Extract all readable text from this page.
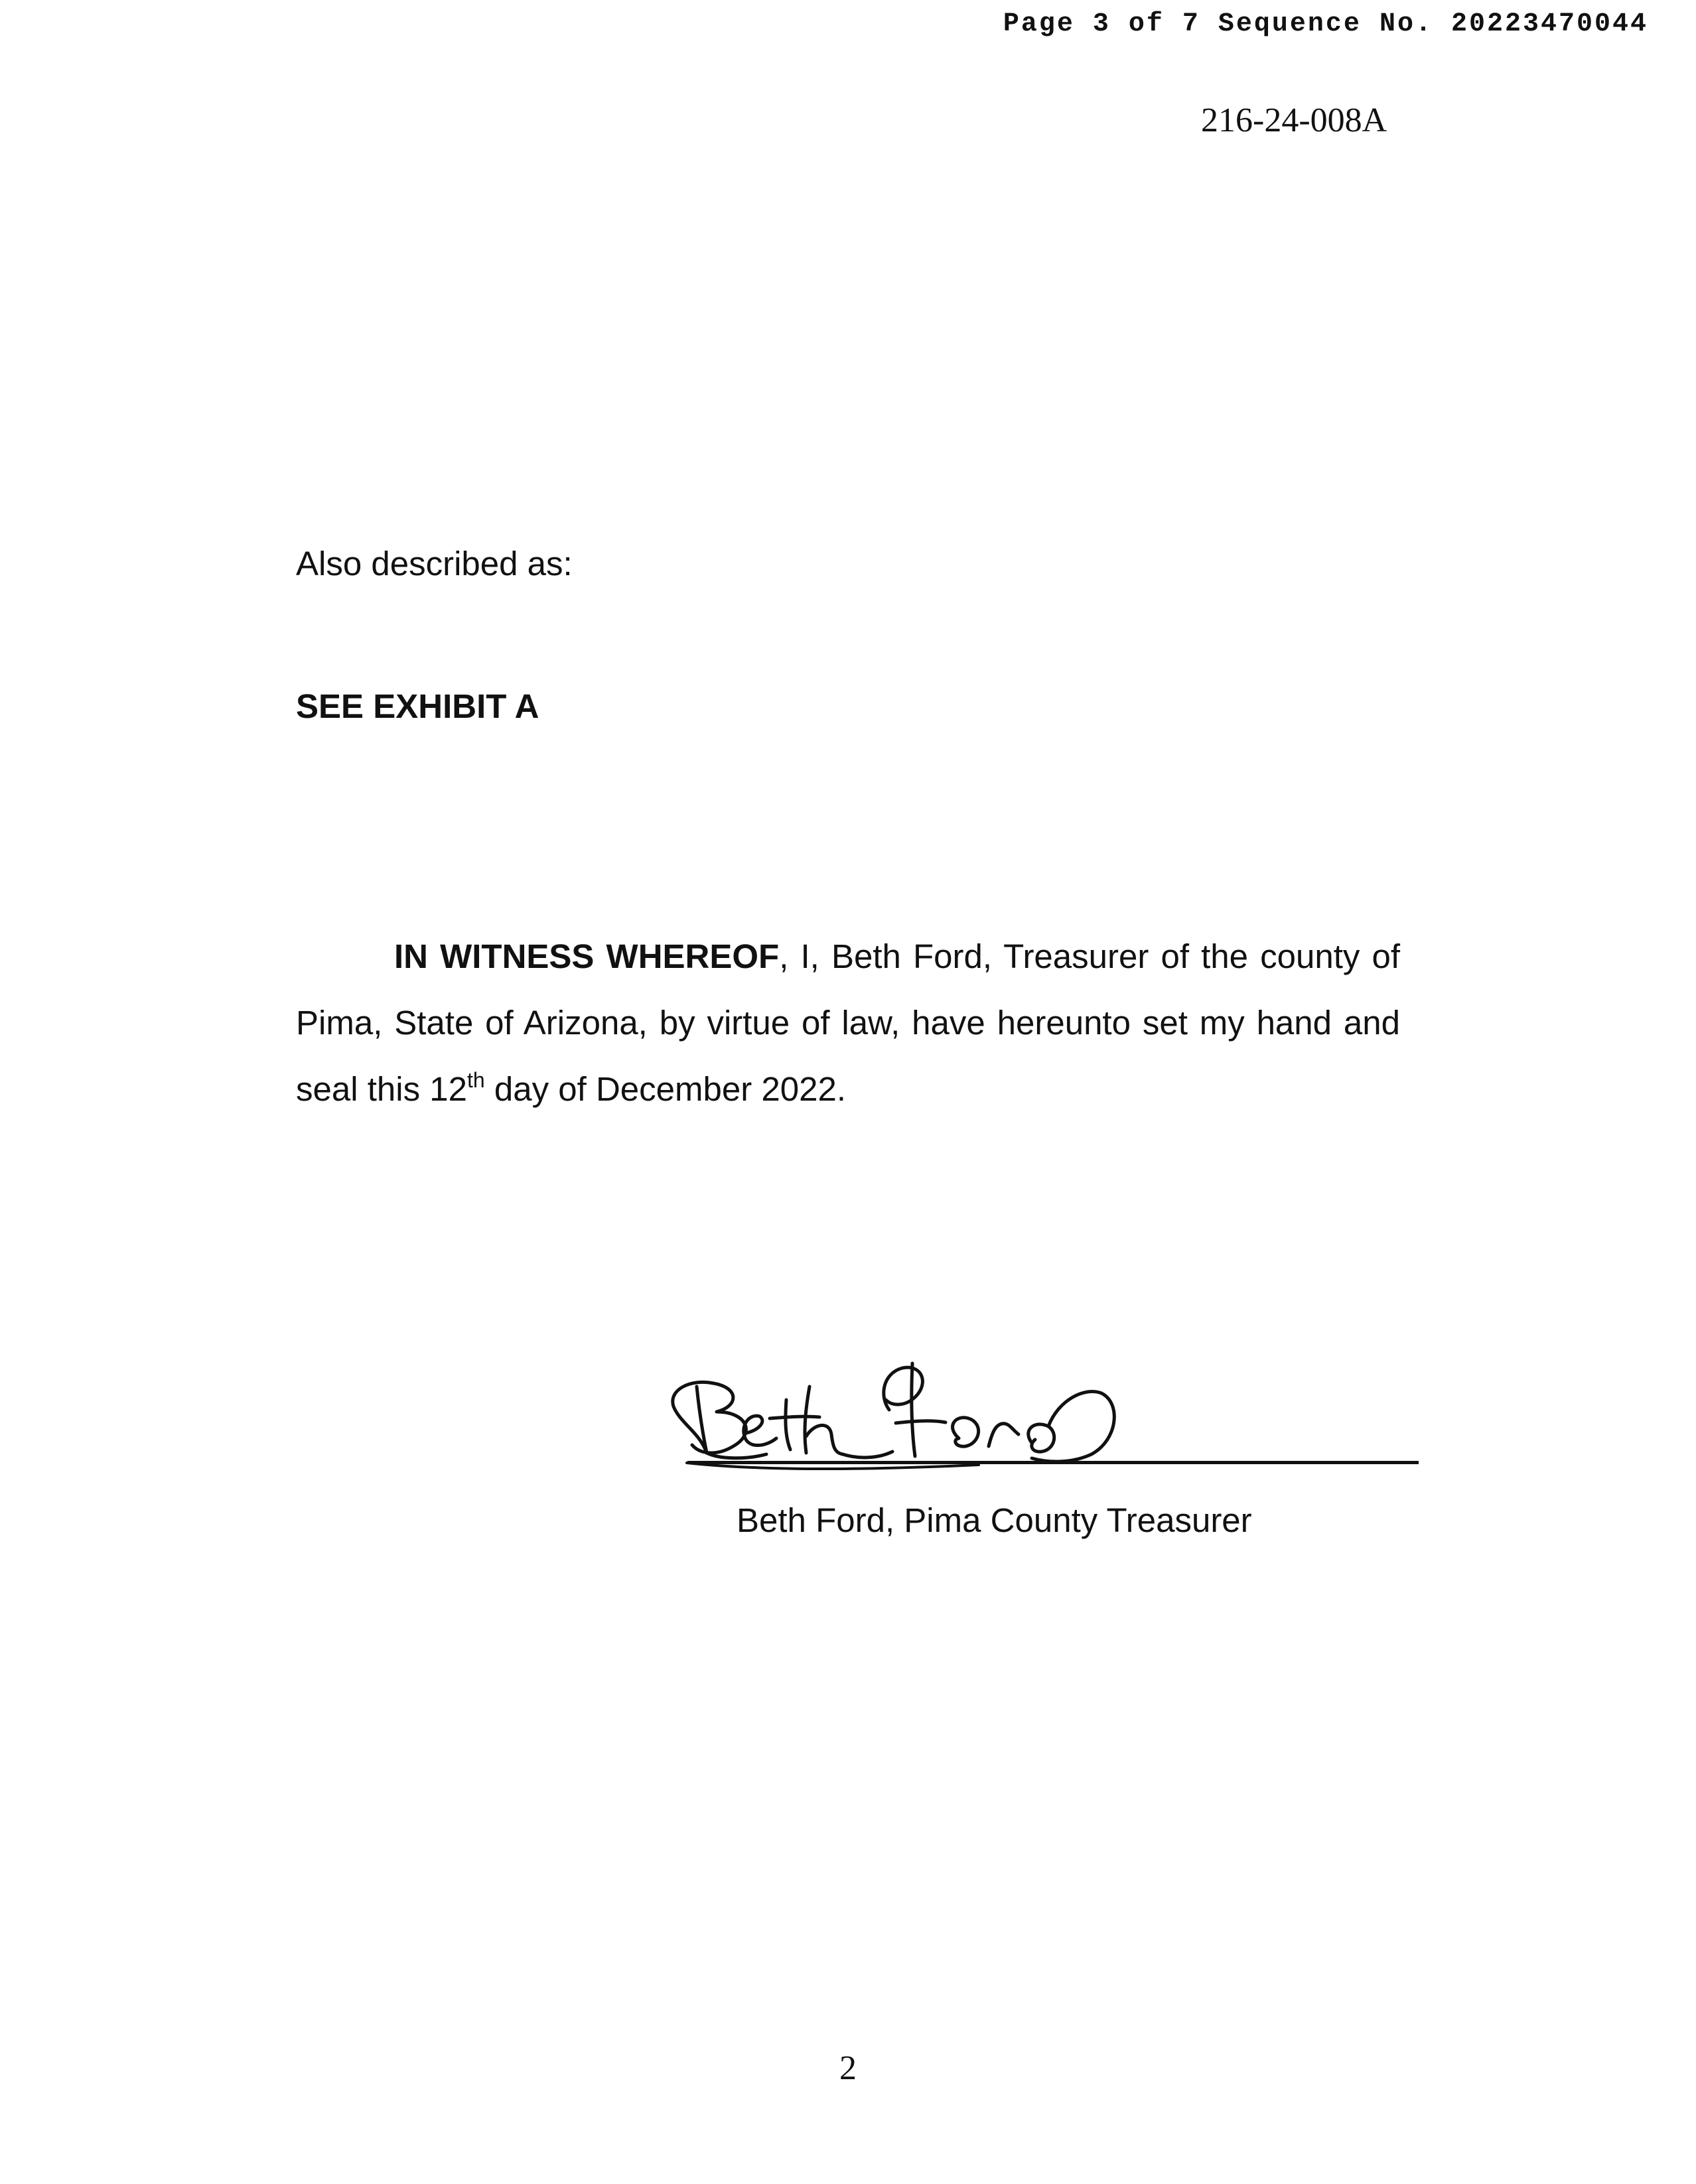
Page 3 of 7 Sequence No. 20223470044
216-24-008A
Also described as:
SEE EXHIBIT A

IN WITNESS WHEREOF, I, Beth Ford, Treasurer of the county of Pima, State of Arizona, by virtue of law, have hereunto set my hand and seal this 12th day of December 2022.

Beth Ford, Pima County Treasurer
2
